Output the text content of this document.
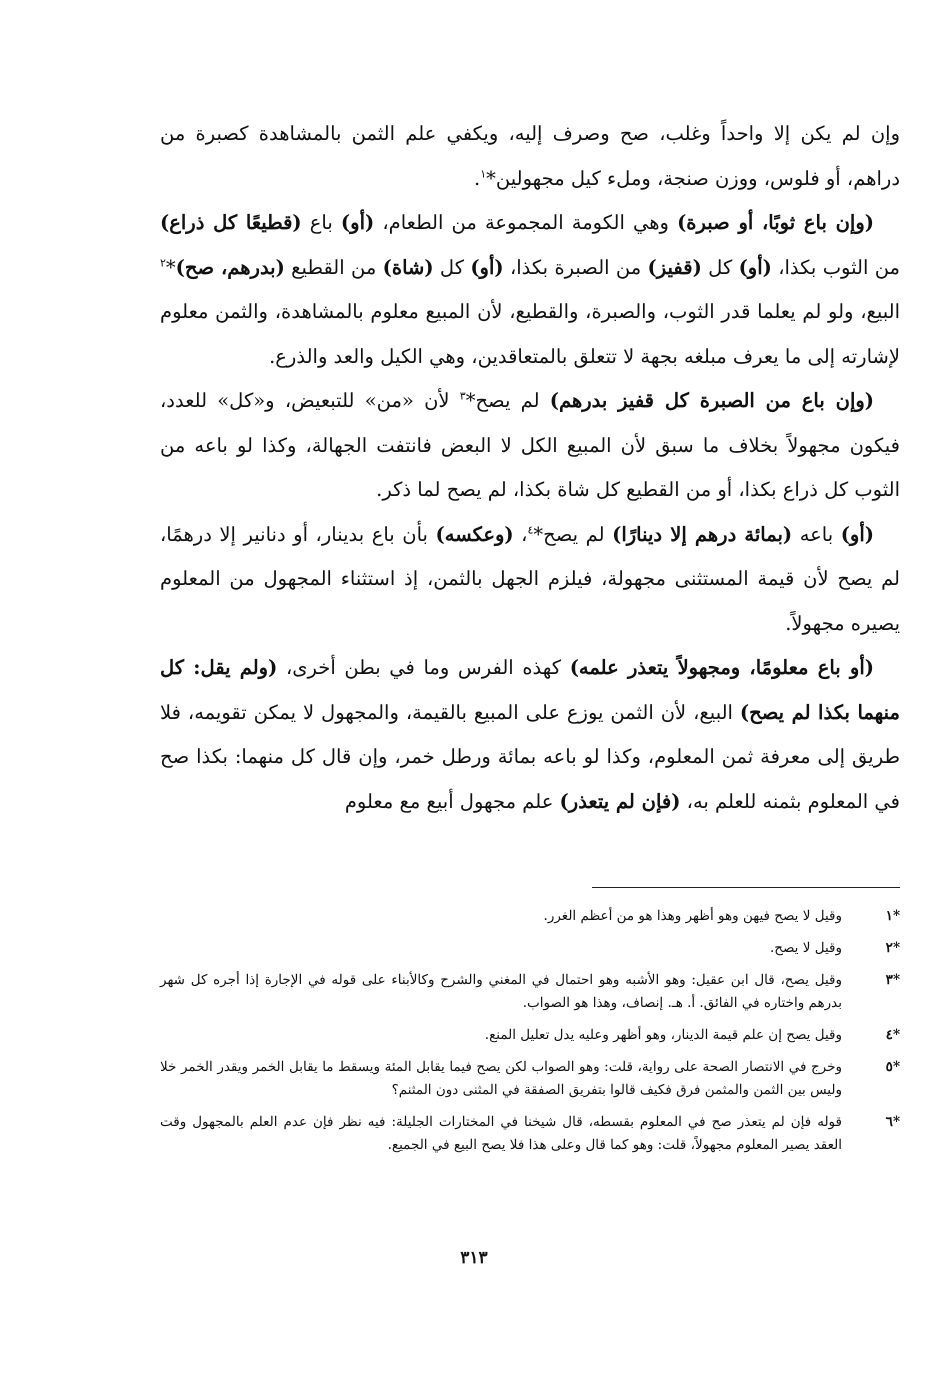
وإن لم يكن إلا واحداً وغلب، صح وصرف إليه، ويكفي علم الثمن بالمشاهدة كصبرة من دراهم، أو فلوس، ووزن صنجة، وملء كيل مجهولين*$^١$.

(وإن باع ثوبًا، أو صبرة) وهي الكومة المجموعة من الطعام، (أو) باع (قطيعًا كل ذراع) من الثوب بكذا، (أو) كل (قفيز) من الصبرة بكذا، (أو) كل (شاة) من القطيع (بدرهم، صح)*$^٢$ البيع، ولو لم يعلما قدر الثوب، والصبرة، والقطيع، لأن المبيع معلوم بالمشاهدة، والثمن معلوم لإشارته إلى ما يعرف مبلغه بجهة لا تتعلق بالمتعاقدين، وهي الكيل والعد والذرع.

(وإن باع من الصبرة كل قفيز بدرهم) لم يصح*$^٣$ لأن «من» للتبعيض، و«كل» للعدد، فيكون مجهولاً بخلاف ما سبق لأن المبيع الكل لا البعض فانتفت الجهالة، وكذا لو باعه من الثوب كل ذراع بكذا، أو من القطيع كل شاة بكذا، لم يصح لما ذكر.

(أو) باعه (بمائة درهم إلا دينارًا) لم يصح*$^٤$، (وعكسه) بأن باع بدينار، أو دنانير إلا درهمًا، لم يصح لأن قيمة المستثنى مجهولة، فيلزم الجهل بالثمن، إذ استثناء المجهول من المعلوم يصيره مجهولاً.

(أو باع معلومًا، ومجهولاً يتعذر علمه) كهذه الفرس وما في بطن أخرى، (ولم يقل: كل منهما بكذا لم يصح) البيع، لأن الثمن يوزع على المبيع بالقيمة، والمجهول لا يمكن تقويمه، فلا طريق إلى معرفة ثمن المعلوم، وكذا لو باعه بمائة ورطل خمر، وإن قال كل منهما: بكذا صح في المعلوم بثمنه للعلم به، (فإن لم يتعذر) علم مجهول أبيع مع معلوم

*١
وقيل لا يصح فيهن وهو أظهر وهذا هو من أعظم الغرر.
*٢
وقيل لا يصح.
*٣
وقيل يصح، قال ابن عقيل: وهو الأشبه وهو احتمال في المغني والشرح وكالأبناء على قوله في الإجارة إذا أجره كل شهر بدرهم واختاره في الفائق. أ. هـ. إنصاف، وهذا هو الصواب.
*٤
وقيل يصح إن علم قيمة الدينار، وهو أظهر وعليه يدل تعليل المنع.
*٥
وخرج في الانتصار الصحة على رواية، قلت: وهو الصواب لكن يصح فيما يقابل المئة ويسقط ما يقابل الخمر ويقدر الخمر خلا وليس بين الثمن والمثمن فرق فكيف قالوا بتفريق الصفقة في المثنى دون المثنم؟
*٦
قوله فإن لم يتعذر صح في المعلوم بقسطه، قال شيخنا في المختارات الجليلة: فيه نظر فإن عدم العلم بالمجهول وقت العقد يصير المعلوم مجهولاً، قلت: وهو كما قال وعلى هذا فلا يصح البيع في الجميع.
٣١٣
